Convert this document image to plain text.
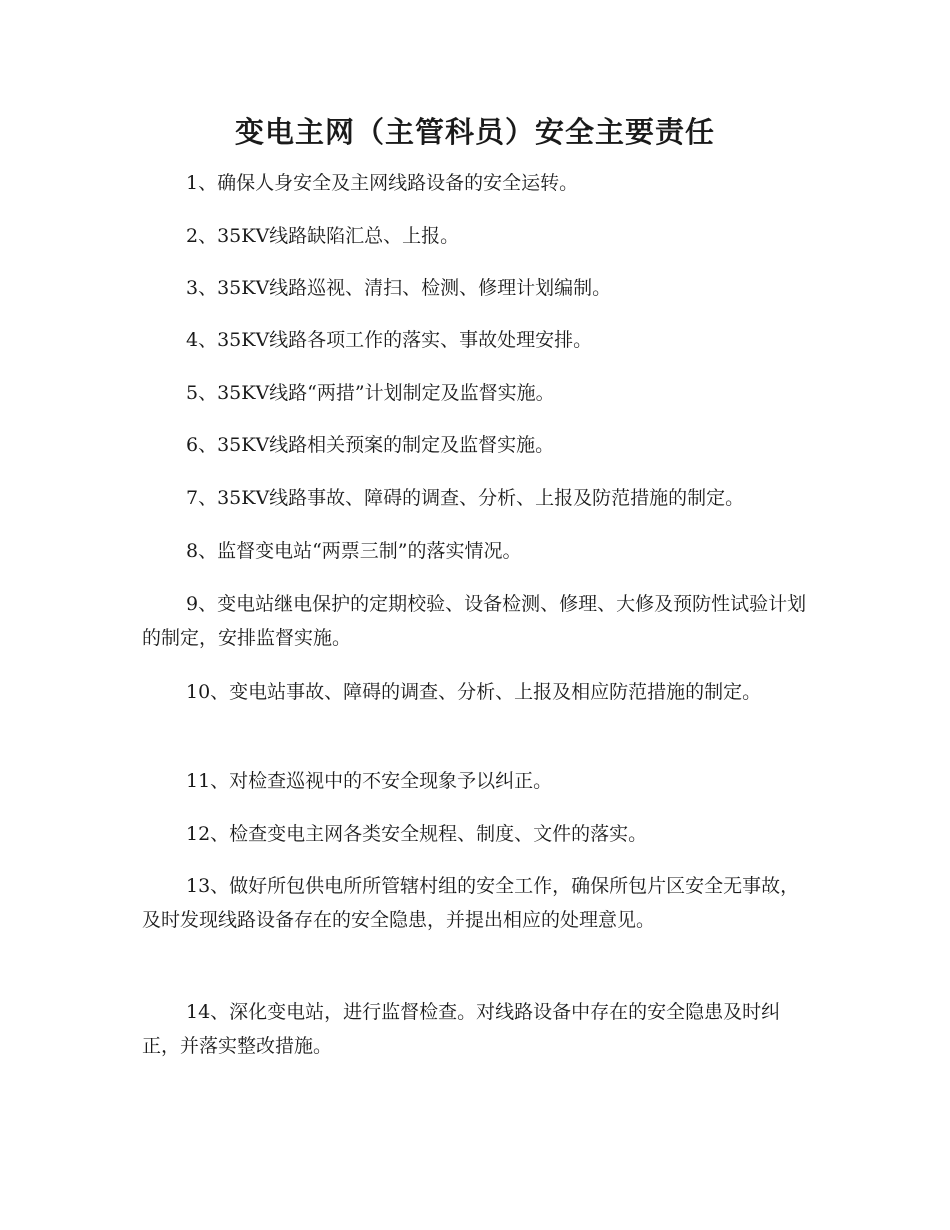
变电主网（主管科员）安全主要责任

1、确保人身安全及主网线路设备的安全运转。

2、35KV线路缺陷汇总、上报。

3、35KV线路巡视、清扫、检测、修理计划编制。

4、35KV线路各项工作的落实、事故处理安排。

5、35KV线路“两措”计划制定及监督实施。

6、35KV线路相关预案的制定及监督实施。

7、35KV线路事故、障碍的调查、分析、上报及防范措施的制定。

8、监督变电站“两票三制”的落实情况。

9、变电站继电保护的定期校验、设备检测、修理、大修及预防性试验计划的制定，安排监督实施。

10、变电站事故、障碍的调查、分析、上报及相应防范措施的制定。

11、对检查巡视中的不安全现象予以纠正。

12、检查变电主网各类安全规程、制度、文件的落实。

13、做好所包供电所所管辖村组的安全工作，确保所包片区安全无事故，及时发现线路设备存在的安全隐患，并提出相应的处理意见。

14、深化变电站，进行监督检查。对线路设备中存在的安全隐患及时纠正，并落实整改措施。
